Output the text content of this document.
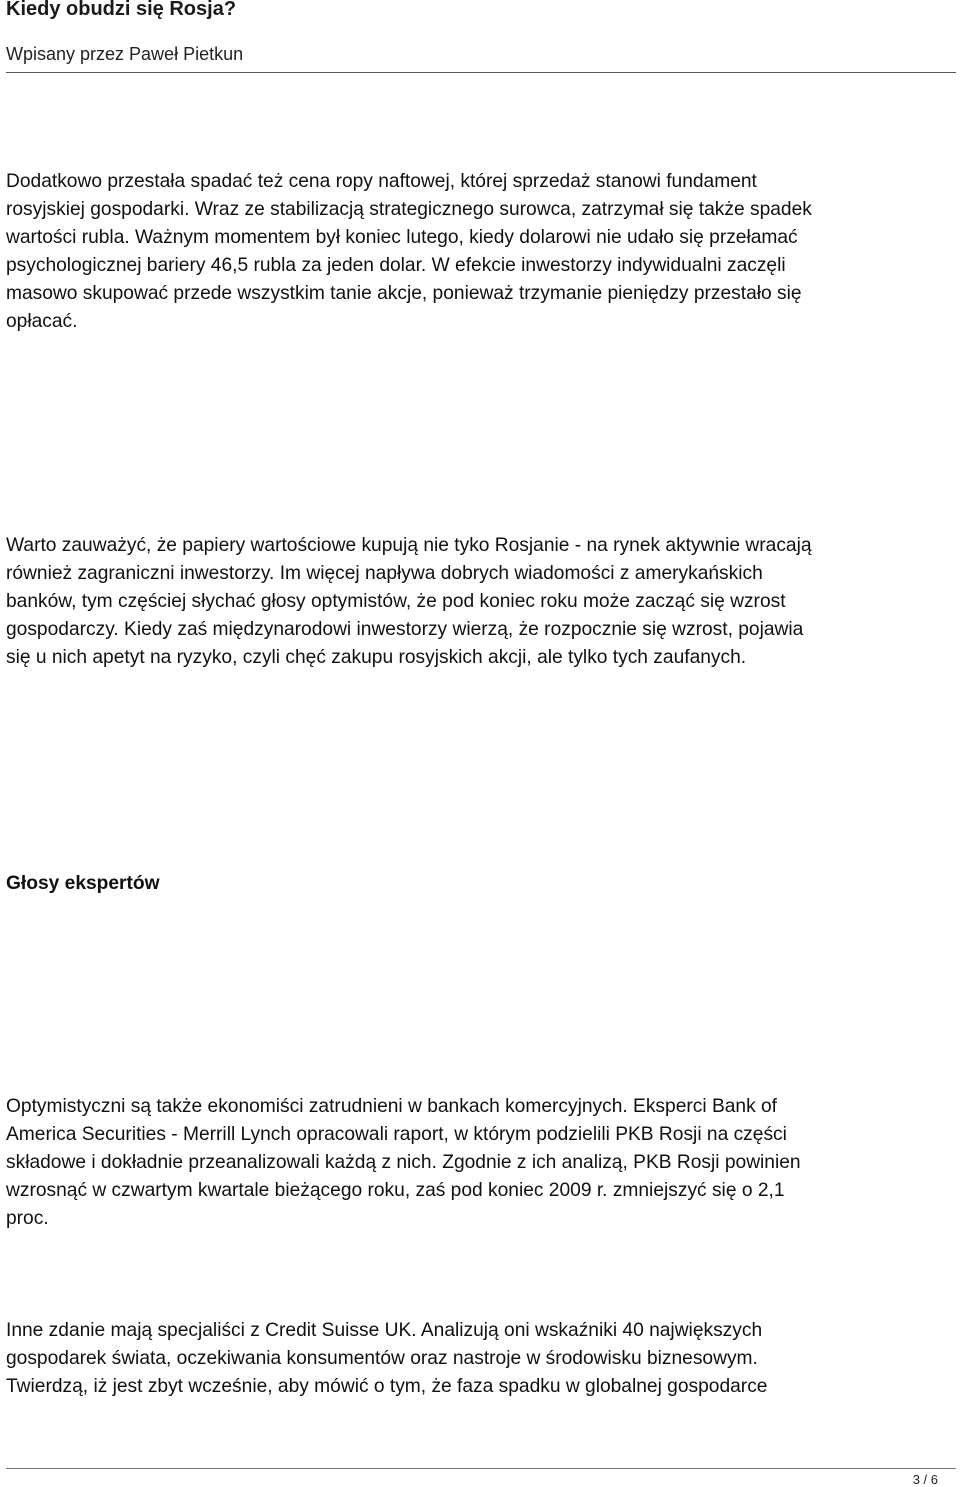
Kiedy obudzi się Rosja?

Wpisany przez Paweł Pietkun

Dodatkowo przestała spadać też cena ropy naftowej, której sprzedaż stanowi fundament
rosyjskiej gospodarki. Wraz ze stabilizacją strategicznego surowca, zatrzymał się także spadek
wartości rubla. Ważnym momentem był koniec lutego, kiedy dolarowi nie udało się przełamać
psychologicznej bariery 46,5 rubla za jeden dolar. W efekcie inwestorzy indywidualni zaczęli
masowo skupować przede wszystkim tanie akcje, ponieważ trzymanie pieniędzy przestało się
opłacać.
Warto zauważyć, że papiery wartościowe kupują nie tyko Rosjanie - na rynek aktywnie wracają
również zagraniczni inwestorzy. Im więcej napływa dobrych wiadomości z amerykańskich
banków, tym częściej słychać głosy optymistów, że pod koniec roku może zacząć się wzrost
gospodarczy. Kiedy zaś międzynarodowi inwestorzy wierzą, że rozpocznie się wzrost, pojawia
się u nich apetyt na ryzyko, czyli chęć zakupu rosyjskich akcji, ale tylko tych zaufanych.
Głosy ekspertów
Optymistyczni są także ekonomiści zatrudnieni w bankach komercyjnych. Eksperci Bank of
America Securities - Merrill Lynch opracowali raport, w którym podzielili PKB Rosji na części
składowe i dokładnie przeanalizowali każdą z nich. Zgodnie z ich analizą, PKB Rosji powinien
wzrosnąć w czwartym kwartale bieżącego roku, zaś pod koniec 2009 r. zmniejszyć się o 2,1
proc.
Inne zdanie mają specjaliści z Credit Suisse UK. Analizują oni wskaźniki 40 największych
gospodarek świata, oczekiwania konsumentów oraz nastroje w środowisku biznesowym.
Twierdzą, iż jest zbyt wcześnie, aby mówić o tym, że faza spadku w globalnej gospodarce

3 / 6
